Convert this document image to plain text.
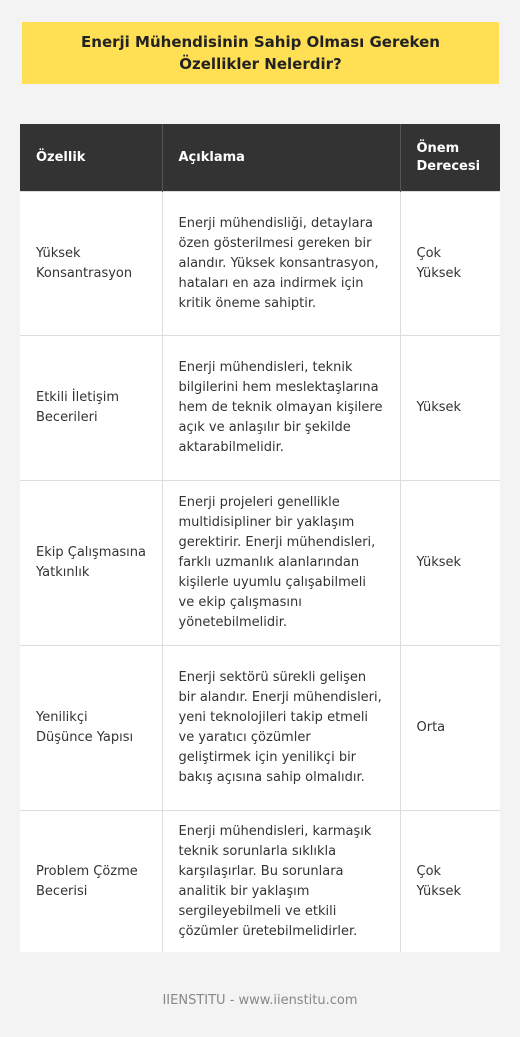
Enerji Mühendisinin Sahip Olması Gereken Özellikler Nelerdir?
Özellik	Açıklama	Önem Derecesi
Yüksek Konsantrasyon	Enerji mühendisliği, detaylara özen gösterilmesi gereken bir alandır. Yüksek konsantrasyon, hataları en aza indirmek için kritik öneme sahiptir.	Çok Yüksek
Etkili İletişim Becerileri	Enerji mühendisleri, teknik bilgilerini hem meslektaşlarına hem de teknik olmayan kişilere açık ve anlaşılır bir şekilde aktarabilmelidir.	Yüksek
Ekip Çalışmasına Yatkınlık	Enerji projeleri genellikle multidisipliner bir yaklaşım gerektirir. Enerji mühendisleri, farklı uzmanlık alanlarından kişilerle uyumlu çalışabilmeli ve ekip çalışmasını yönetebilmelidir.	Yüksek
Yenilikçi Düşünce Yapısı	Enerji sektörü sürekli gelişen bir alandır. Enerji mühendisleri, yeni teknolojileri takip etmeli ve yaratıcı çözümler geliştirmek için yenilikçi bir bakış açısına sahip olmalıdır.	Orta
Problem Çözme Becerisi	Enerji mühendisleri, karmaşık teknik sorunlarla sıklıkla karşılaşırlar. Bu sorunlara analitik bir yaklaşım sergileyebilmeli ve etkili çözümler üretebilmelidirler.	Çok Yüksek
IIENSTITU - www.iienstitu.com
